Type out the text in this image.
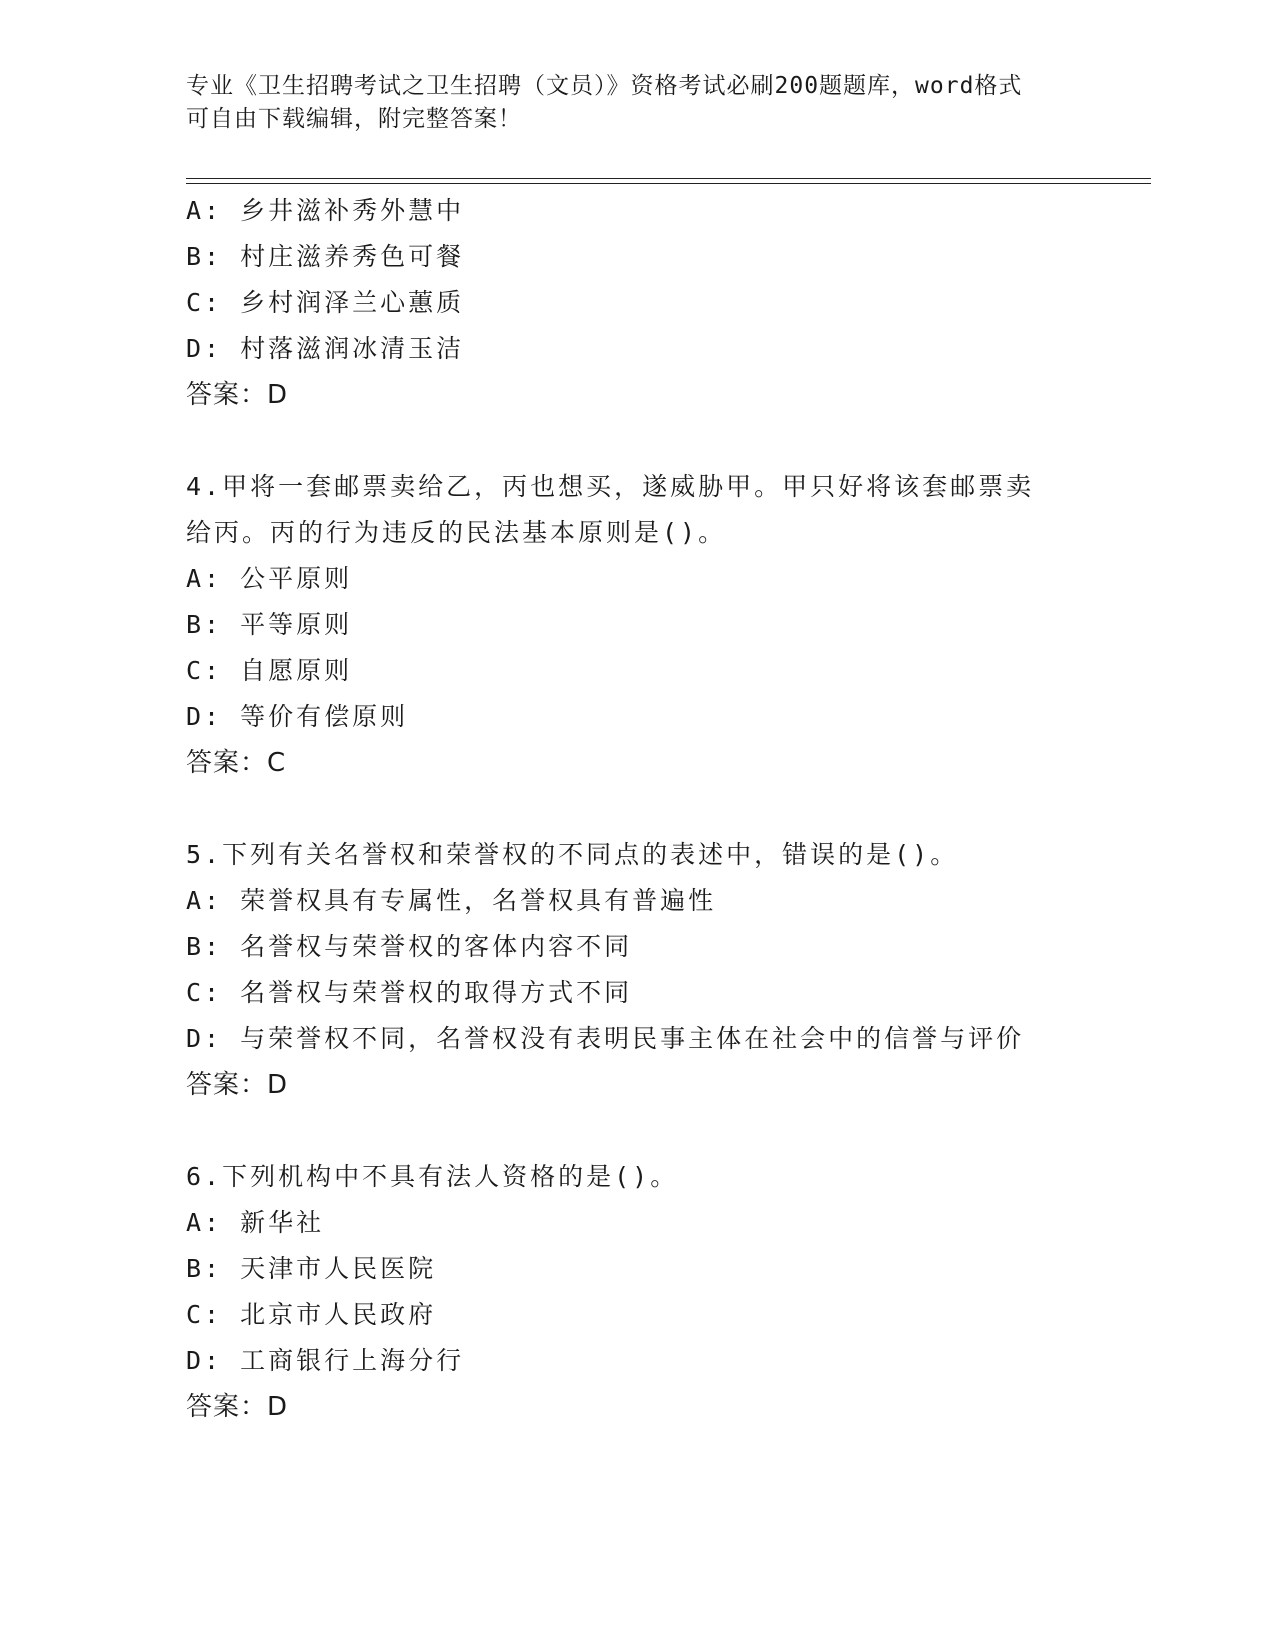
专业《卫生招聘考试之卫生招聘（文员）》资格考试必刷200题题库，word格式
可自由下载编辑，附完整答案！
A: 乡井滋补秀外慧中
B: 村庄滋养秀色可餐
C: 乡村润泽兰心蕙质
D: 村落滋润冰清玉洁
答案：D
4.甲将一套邮票卖给乙，丙也想买，遂威胁甲。甲只好将该套邮票卖
给丙。丙的行为违反的民法基本原则是()。
A: 公平原则
B: 平等原则
C: 自愿原则
D: 等价有偿原则
答案：C
5.下列有关名誉权和荣誉权的不同点的表述中，错误的是()。
A: 荣誉权具有专属性，名誉权具有普遍性
B: 名誉权与荣誉权的客体内容不同
C: 名誉权与荣誉权的取得方式不同
D: 与荣誉权不同，名誉权没有表明民事主体在社会中的信誉与评价
答案：D
6.下列机构中不具有法人资格的是()。
A: 新华社
B: 天津市人民医院
C: 北京市人民政府
D: 工商银行上海分行
答案：D
